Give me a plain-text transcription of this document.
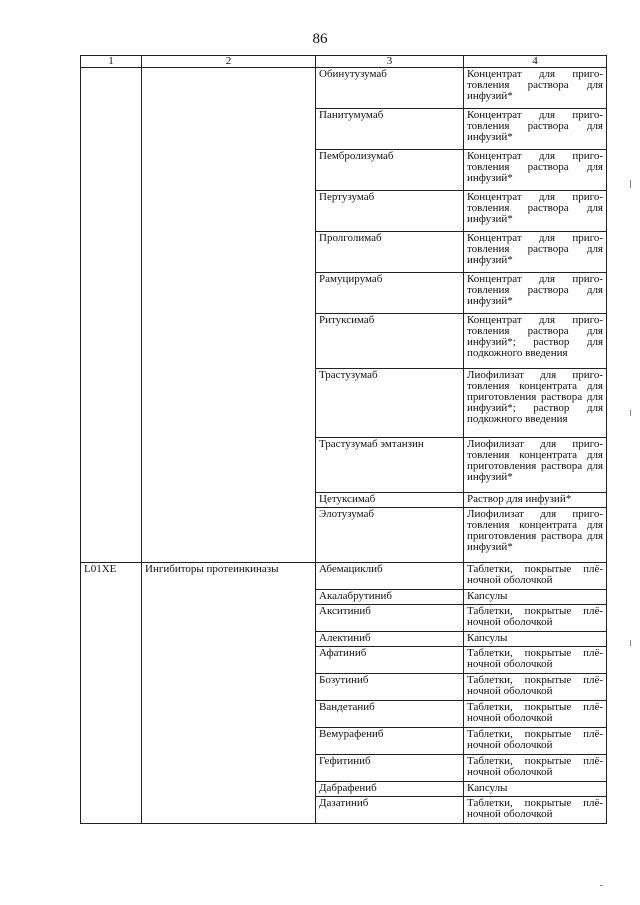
86
1	2	3	4
		Обинутузумаб	Концентрат для приго-товления раствора для инфузий*
		Панитумумаб	Концентрат для приго-товления раствора для инфузий*
		Пембролизумаб	Концентрат для приго-товления раствора для инфузий*
		Пертузумаб	Концентрат для приго-товления раствора для инфузий*
		Пролголимаб	Концентрат для приго-товления раствора для инфузий*
		Рамуцирумаб	Концентрат для приго-товления раствора для инфузий*
		Ритуксимаб	Концентрат для приго-товления раствора для инфузий*; раствор для подкожного введения
		Трастузумаб	Лиофилизат для приго-товления концентрата для приготовления раствора для инфузий*; раствор для подкожного введения
		Трастузумаб эмтанзин	Лиофилизат для приго-товления концентрата для приготовления раствора для инфузий*
		Цетуксимаб	Раствор для инфузий*
		Элотузумаб	Лиофилизат для приго-товления концентрата для приготовления раствора для инфузий*
L01XE	Ингибиторы протеинкиназы	Абемациклиб	Таблетки, покрытые плё-ночной оболочкой
		Акалабрутиниб	Капсулы
		Акситиниб	Таблетки, покрытые плё-ночной оболочкой
		Алектиниб	Капсулы
		Афатиниб	Таблетки, покрытые плё-ночной оболочкой
		Бозутиниб	Таблетки, покрытые плё-ночной оболочкой
		Вандетаниб	Таблетки, покрытые плё-ночной оболочкой
		Вемурафениб	Таблетки, покрытые плё-ночной оболочкой
		Гефитиниб	Таблетки, покрытые плё-ночной оболочкой
		Дабрафениб	Капсулы
		Дазатиниб	Таблетки, покрытые плё-ночной оболочкой
